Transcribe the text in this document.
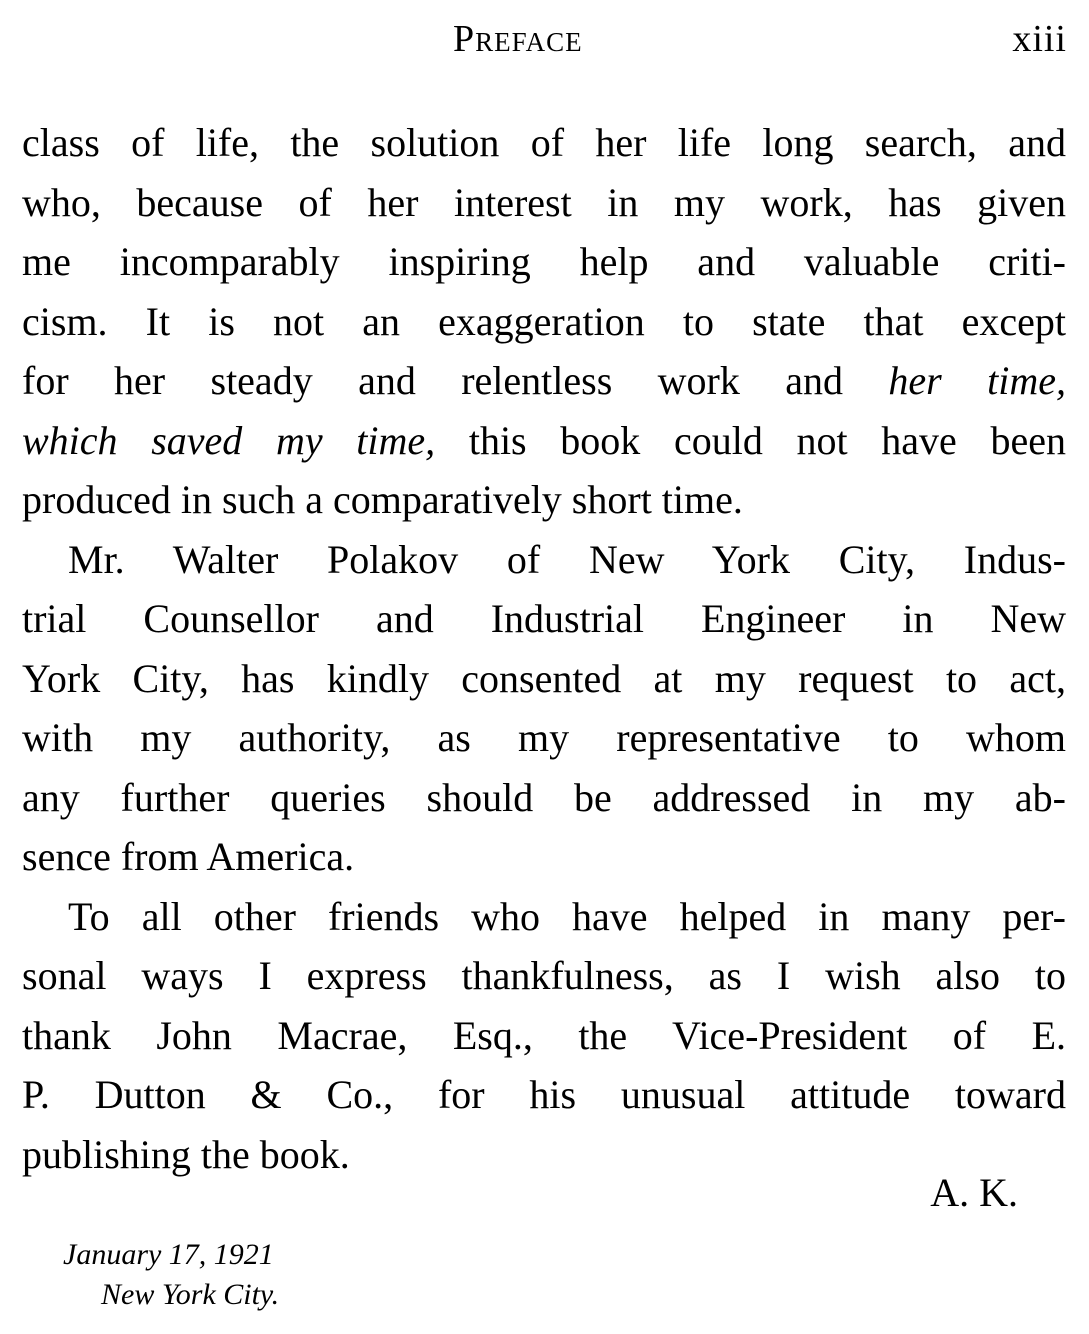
Preface	xiii
class of life, the solution of her life long search, and
who, because of her interest in my work, has given
me incomparably inspiring help and valuable criti-
cism. It is not an exaggeration to state that except
for her steady and relentless work and her time,
which saved my time, this book could not have been
produced in such a comparatively short time.
Mr. Walter Polakov of New York City, Indus-
trial Counsellor and Industrial Engineer in New
York City, has kindly consented at my request to act,
with my authority, as my representative to whom
any further queries should be addressed in my ab-
sence from America.
To all other friends who have helped in many per-
sonal ways I express thankfulness, as I wish also to
thank John Macrae, Esq., the Vice-President of E.
P. Dutton & Co., for his unusual attitude toward
publishing the book.
A. K.
January 17, 1921
New York City.
